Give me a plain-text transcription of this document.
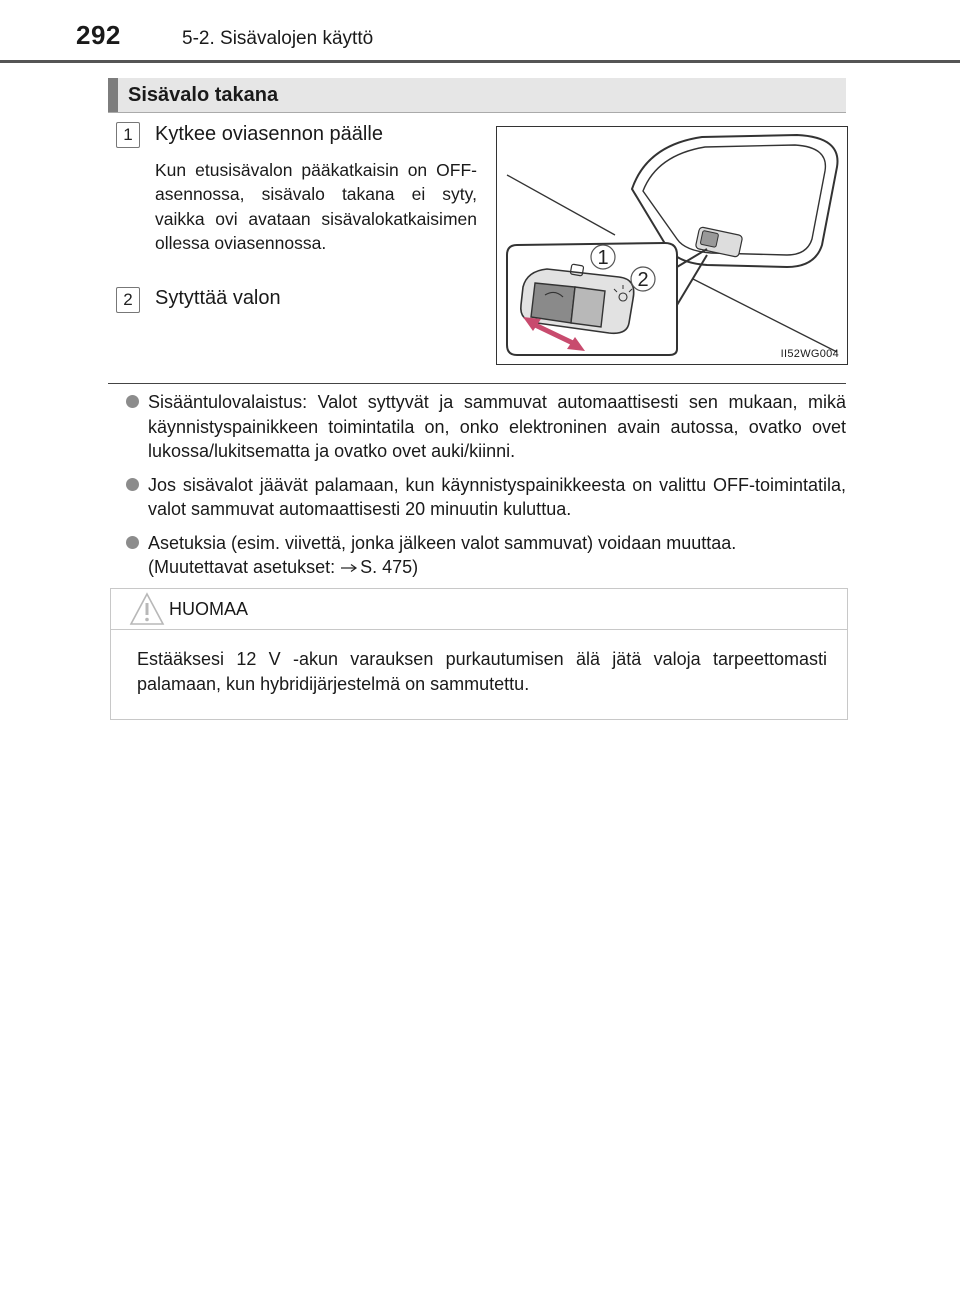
292	5-2. Sisävalojen käyttö
Sisävalo takana
1	Kytkee oviasennon päälle

Kun etusisävalon pääkatkaisin on OFF-asennossa, sisävalo takana ei syty, vaikka ovi avataan sisävalokatkaisimen ollessa oviasennossa.

2	Sytyttää valon
1
2
II52WG004
Sisääntulovalaistus: Valot syttyvät ja sammuvat automaattisesti sen mukaan, mikä käynnistyspainikkeen toimintatila on, onko elektroninen avain autossa, ovatko ovet lukossa/lukitsematta ja ovatko ovet auki/kiinni.
Jos sisävalot jäävät palamaan, kun käynnistyspainikkeesta on valittu OFF-toimintatila, valot sammuvat automaattisesti 20 minuutin kuluttua.
Asetuksia (esim. viivettä, jonka jälkeen valot sammuvat) voidaan muuttaa.
(Muutettavat asetukset: S. 475)
HUOMAA

Estääksesi 12 V -akun varauksen purkautumisen älä jätä valoja tarpeettomasti palamaan, kun hybridijärjestelmä on sammutettu.
